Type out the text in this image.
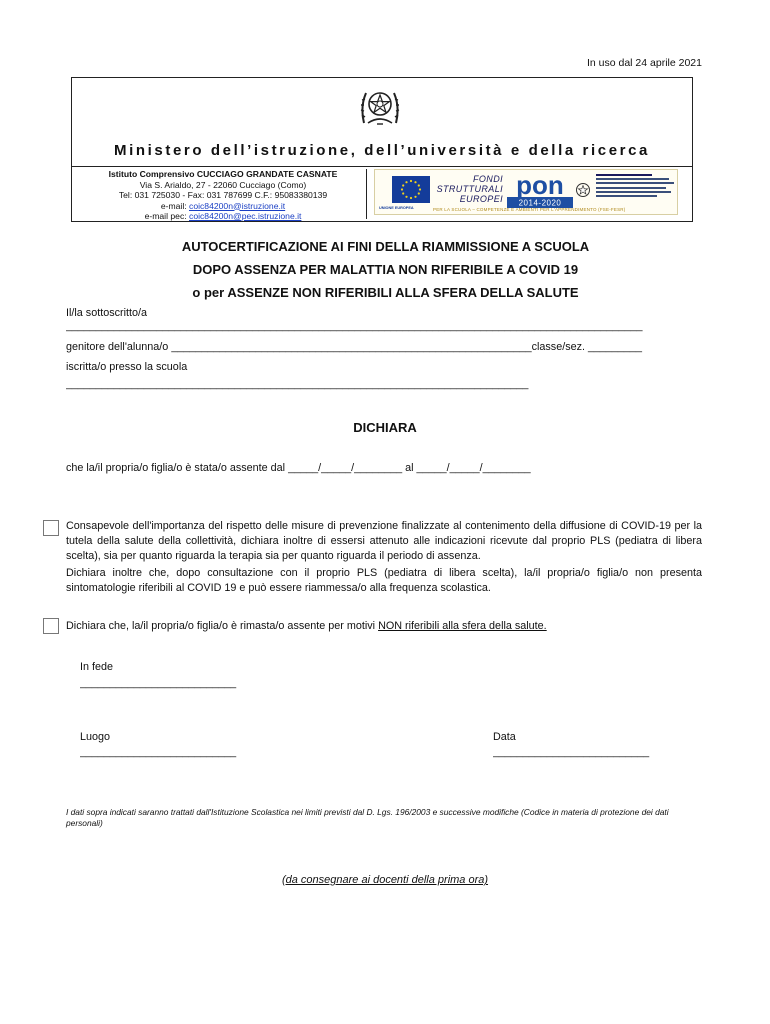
In uso dal 24 aprile 2021
Ministero dell’istruzione, dell’università e della ricerca
Istituto Comprensivo CUCCIAGO GRANDATE CASNATE
Via S. Arialdo, 27 - 22060 Cucciago (Como)
Tel: 031 725030 - Fax: 031 787699 C.F.: 95083380139
e-mail: coic84200n@istruzione.it
e-mail pec: coic84200n@pec.istruzione.it
UNIONE EUROPEA
FONDI
STRUTTURALI
EUROPEI pon
2014-2020
PER LA SCUOLA – COMPETENZE E AMBIENTI PER L'APPRENDIMENTO (FSE-FESR)
AUTOCERTIFICAZIONE AI FINI DELLA RIAMMISSIONE A SCUOLA
DOPO ASSENZA PER MALATTIA NON RIFERIBILE A COVID 19
o per ASSENZE NON RIFERIBILI ALLA SFERA DELLA SALUTE
Il/la sottoscritto/a
________________________________________________________________________________________________
genitore dell'alunna/o ____________________________________________________________classe/sez. _________
iscritta/o presso la scuola
_____________________________________________________________________________
DICHIARA
che la/il propria/o figlia/o è stata/o assente dal _____/_____/________ al _____/_____/________
Consapevole dell'importanza del rispetto delle misure di prevenzione finalizzate al contenimento della diffusione di COVID-19 per la tutela della salute della collettività, dichiara inoltre di essersi attenuto alle indicazioni ricevute dal proprio PLS (pediatra di libera scelta), sia per quanto riguarda la terapia sia per quanto riguarda il periodo di assenza.
Dichiara inoltre che, dopo consultazione con il proprio PLS (pediatra di libera scelta), la/il propria/o figlia/o non presenta sintomatologie riferibili al COVID 19 e può essere riammessa/o alla frequenza scolastica.
Dichiara che, la/il propria/o figlia/o è rimasta/o assente per motivi NON riferibili alla sfera della salute.
In fede
__________________________
Luogo
__________________________
Data
__________________________
I dati sopra indicati saranno trattati dall'Istituzione Scolastica nei limiti previsti dal D. Lgs. 196/2003 e successive modifiche (Codice in materia di protezione dei dati personali)
(da consegnare ai docenti della prima ora)
